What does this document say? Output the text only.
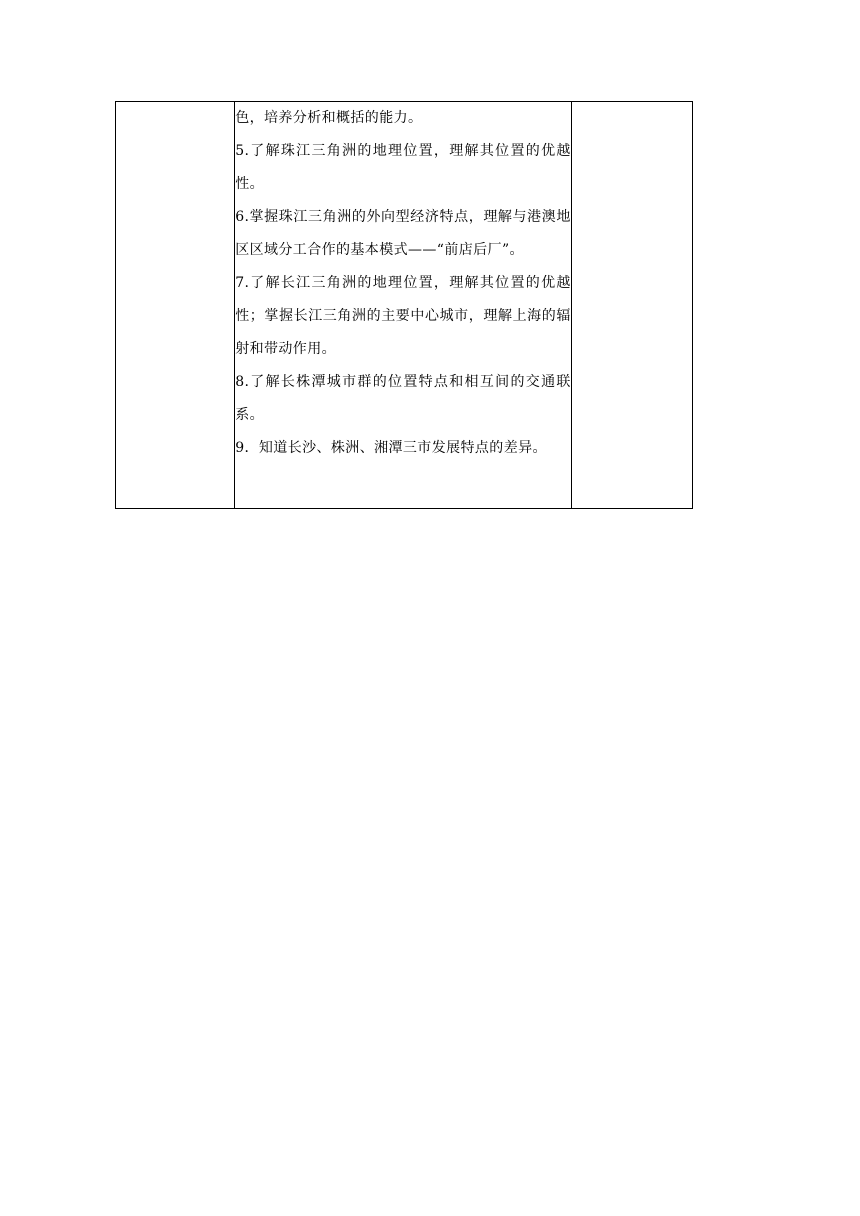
色，培养分析和概括的能力。

5.了解珠江三角洲的地理位置，理解其位置的优越性。

6.掌握珠江三角洲的外向型经济特点，理解与港澳地区区域分工合作的基本模式——“前店后厂”。

7.了解长江三角洲的地理位置，理解其位置的优越性；掌握长江三角洲的主要中心城市，理解上海的辐射和带动作用。

8.了解长株潭城市群的位置特点和相互间的交通联系。

9．知道长沙、株洲、湘潭三市发展特点的差异。
